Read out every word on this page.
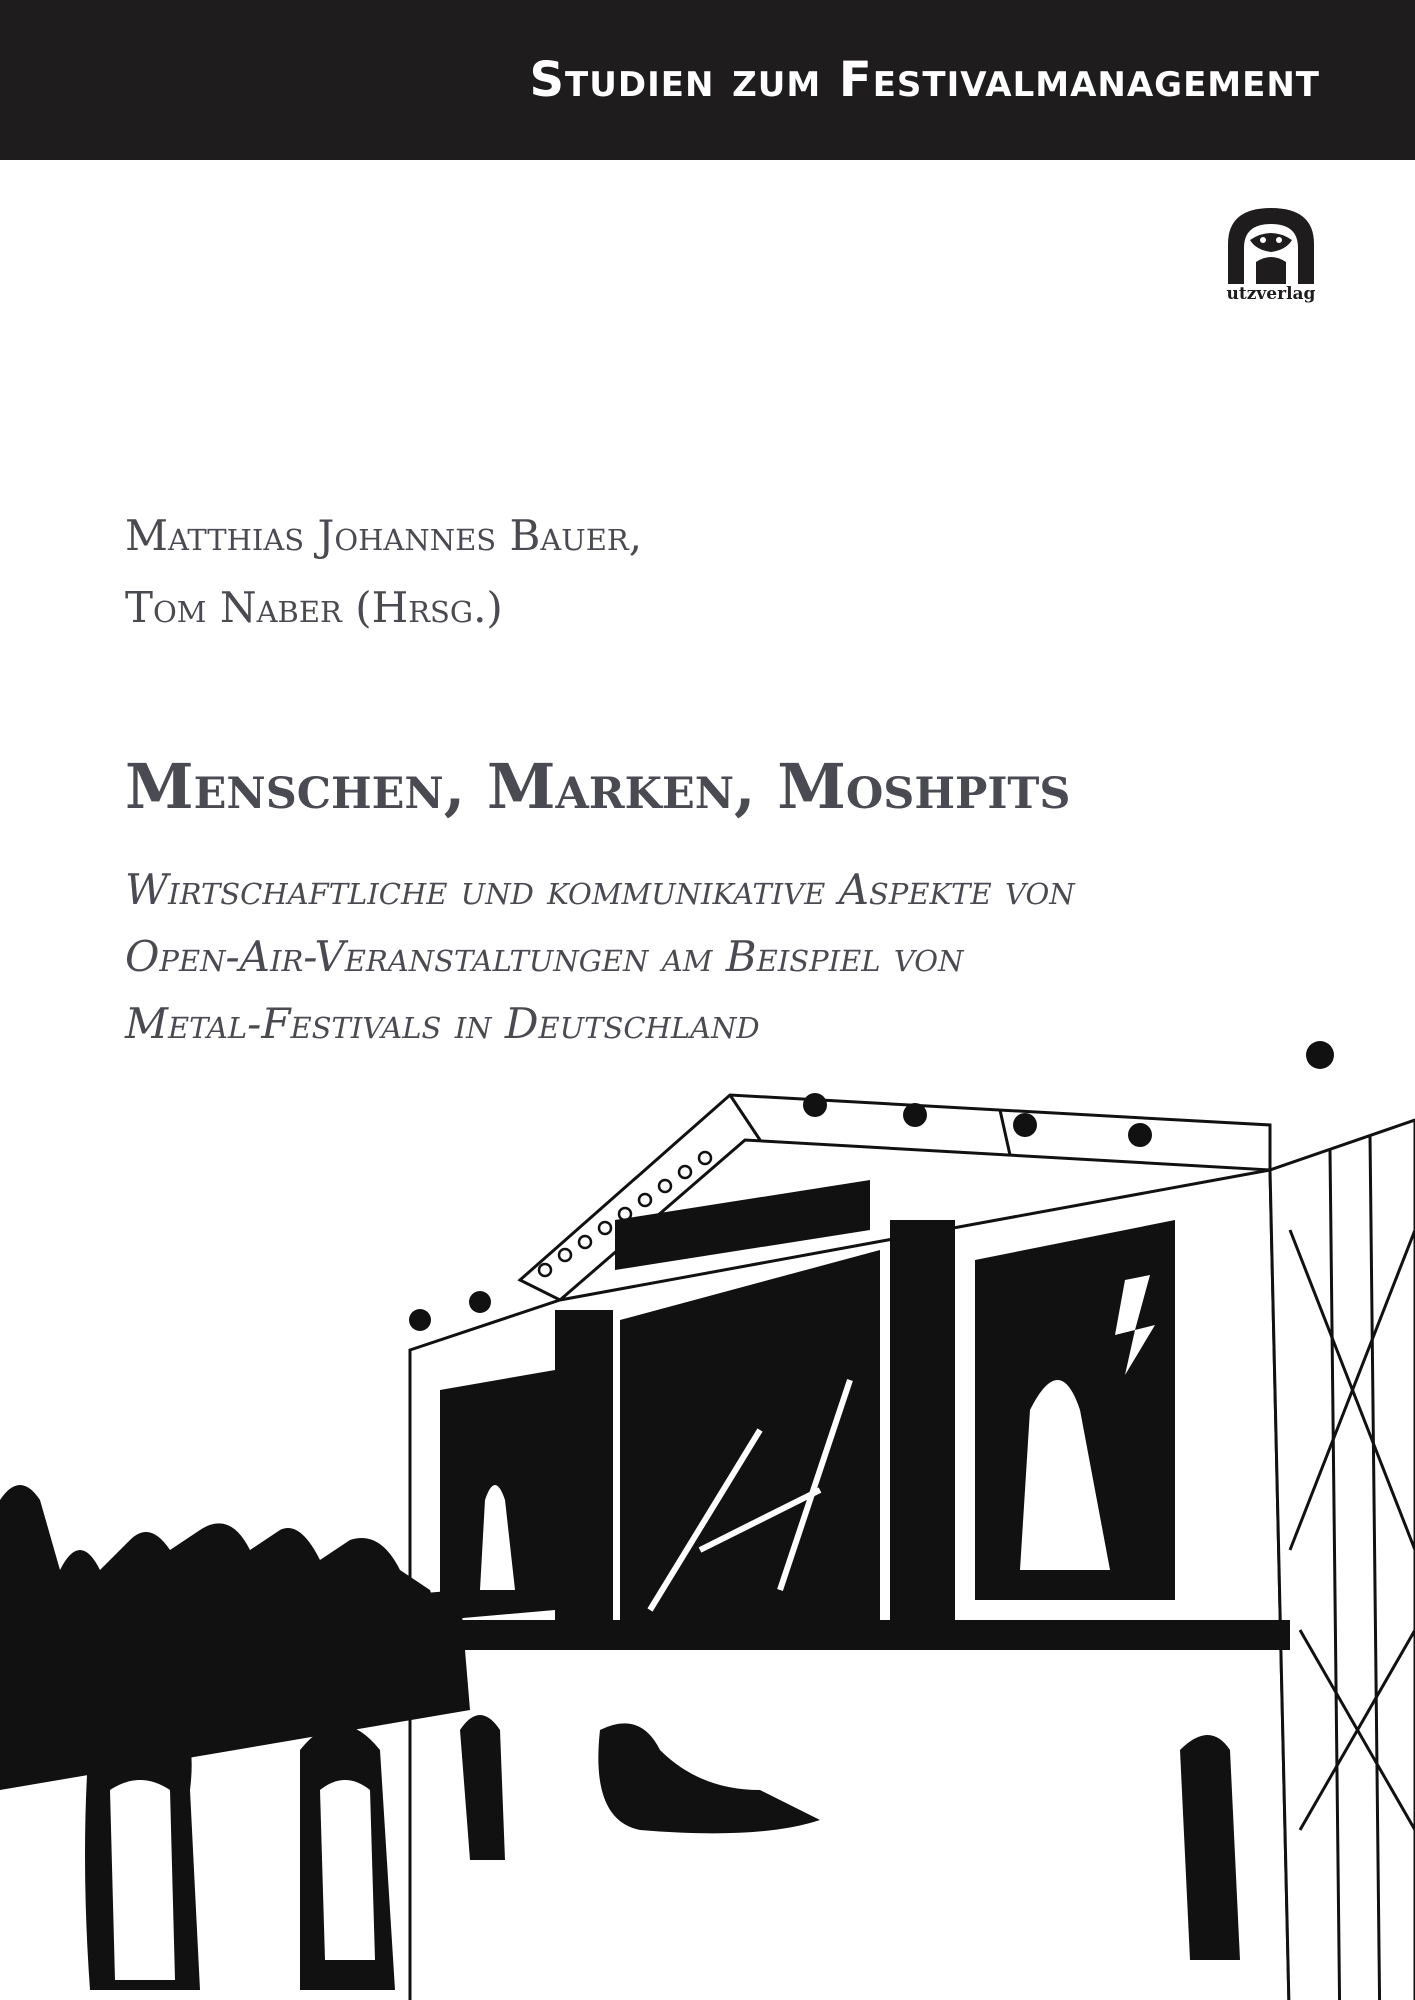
Studien zum Festivalmanagement
utzverlag
Matthias Johannes Bauer,
Tom Naber (Hrsg.)
Menschen, Marken, Moshpits
Wirtschaftliche und kommunikative Aspekte von
Open-Air-Veranstaltungen am Beispiel von
Metal-Festivals in Deutschland
